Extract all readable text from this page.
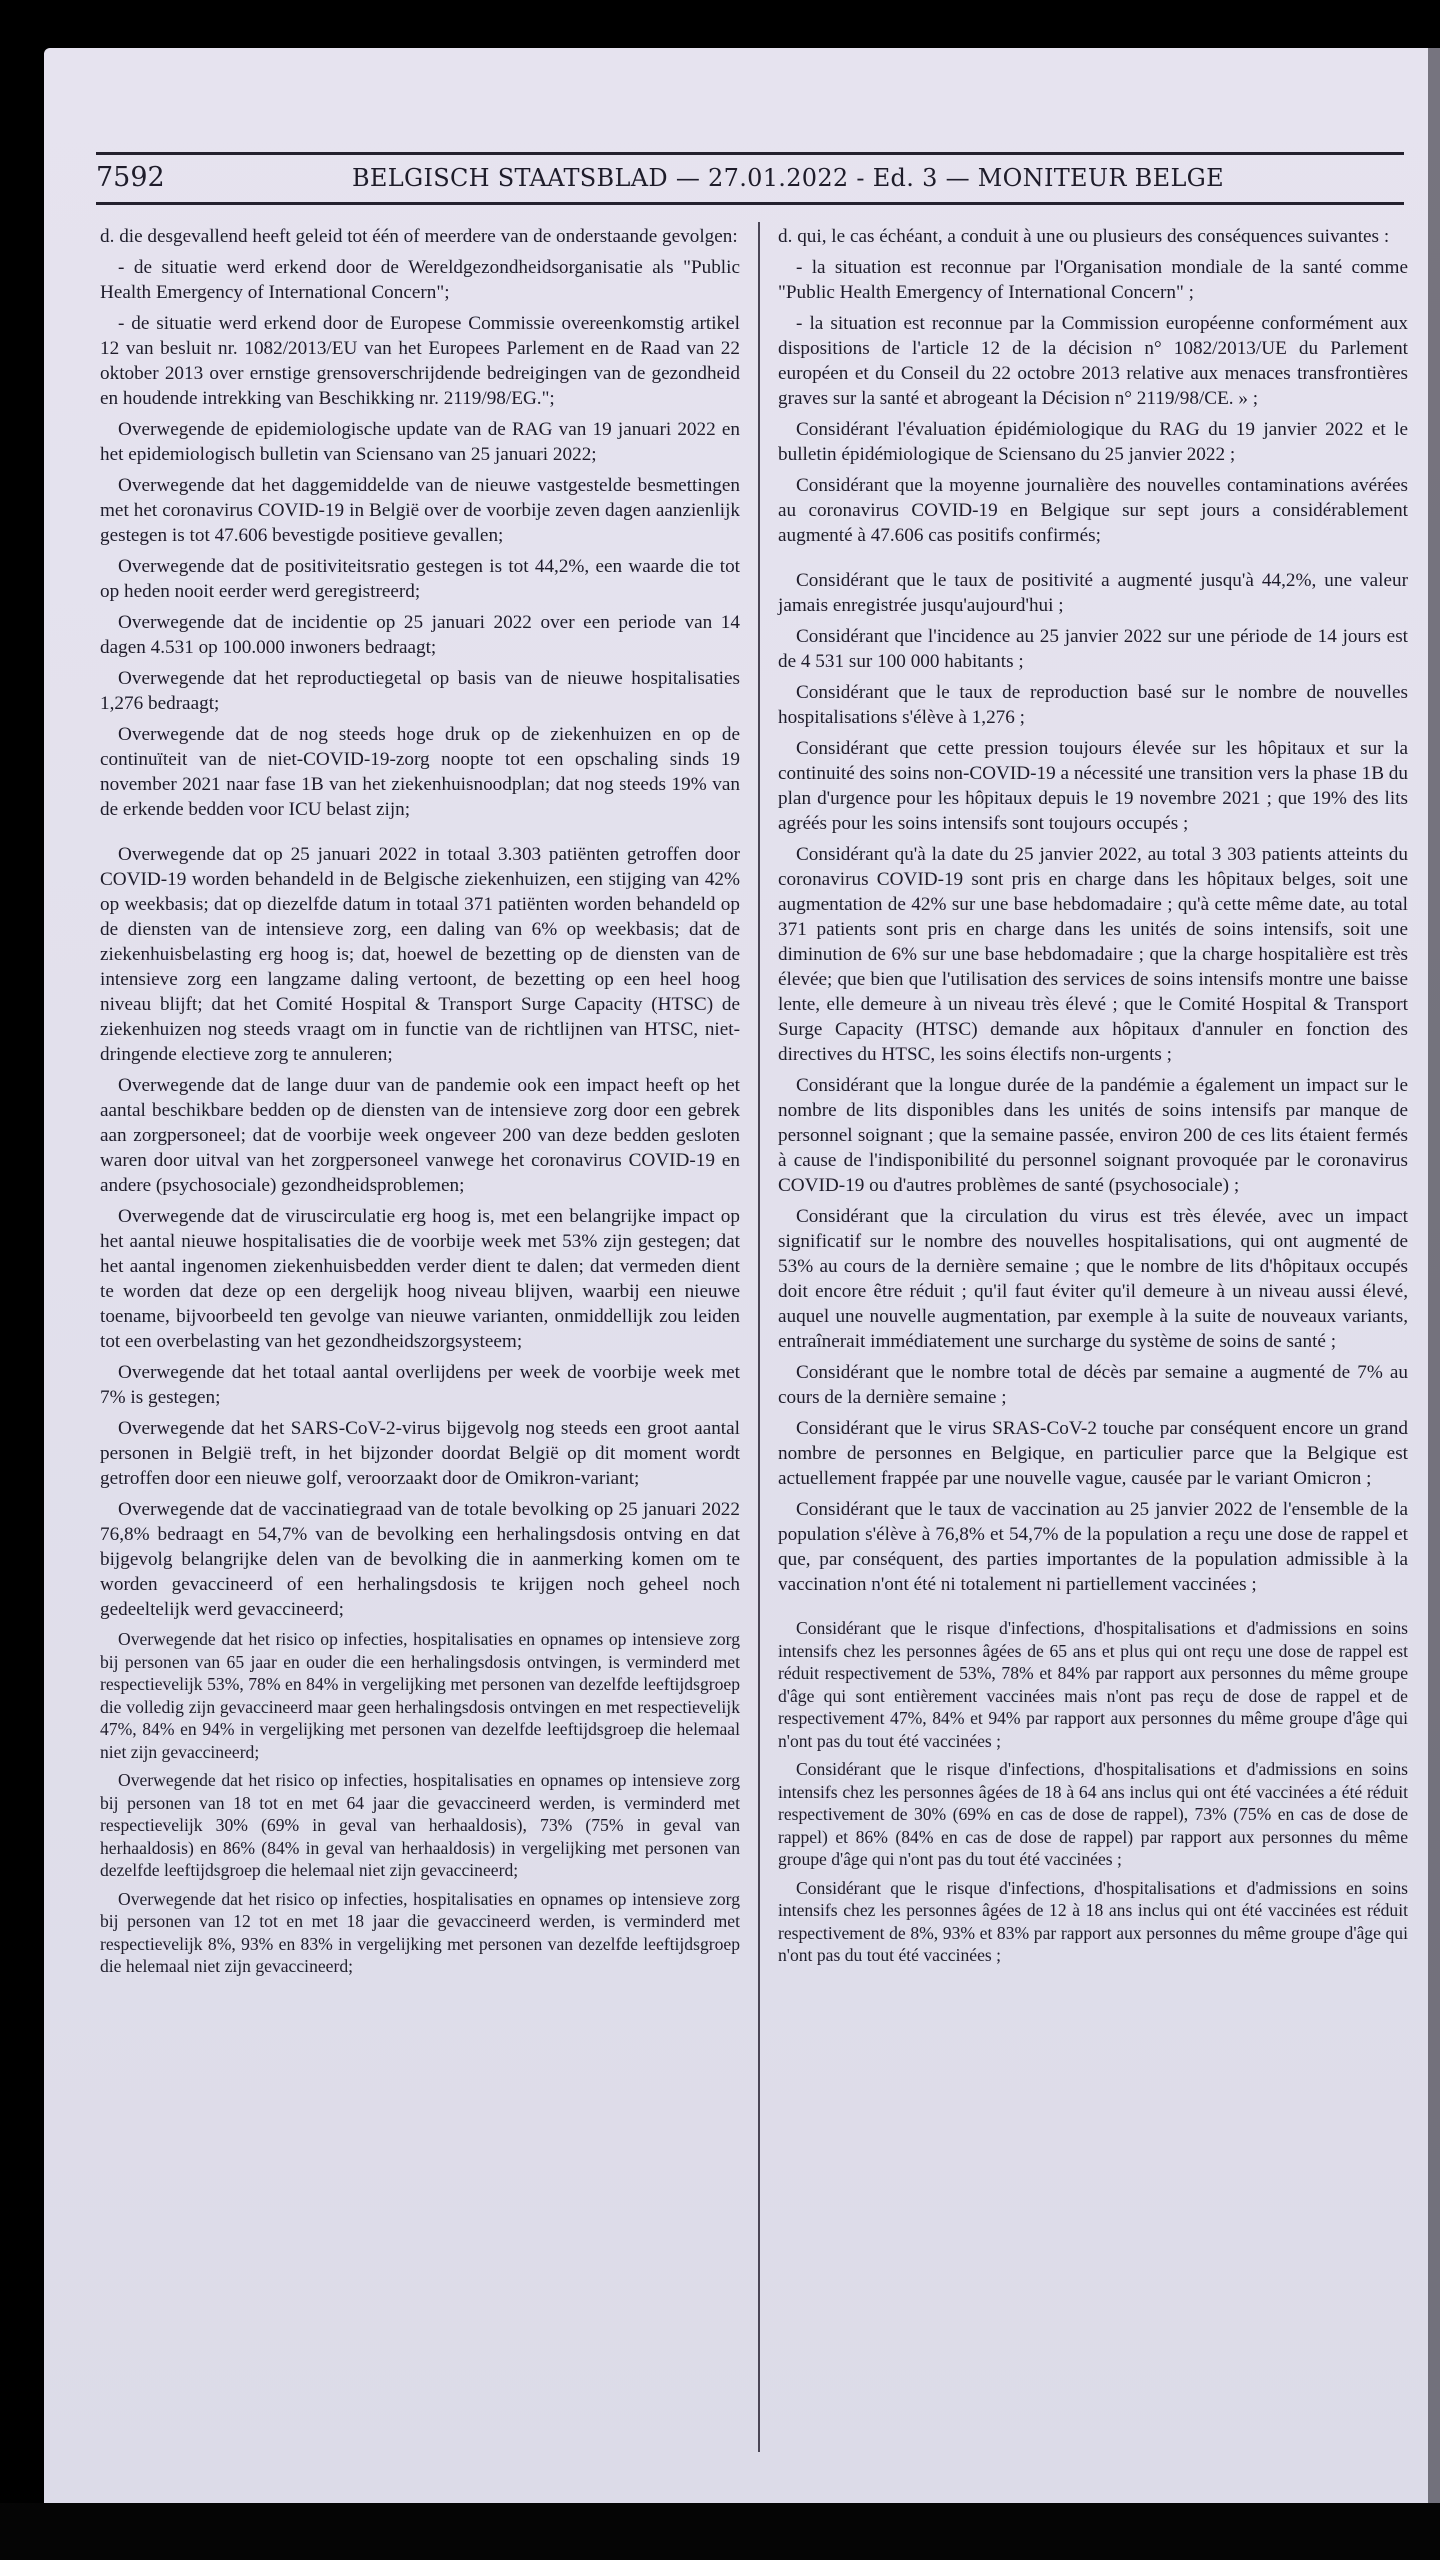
7592	BELGISCH STAATSBLAD — 27.01.2022 - Ed. 3 — MONITEUR BELGE

d. die desgevallend heeft geleid tot één of meerdere van de onderstaande gevolgen:

- de situatie werd erkend door de Wereldgezondheidsorganisatie als "Public Health Emergency of International Concern";

- de situatie werd erkend door de Europese Commissie overeenkomstig artikel 12 van besluit nr. 1082/2013/EU van het Europees Parlement en de Raad van 22 oktober 2013 over ernstige grensoverschrijdende bedreigingen van de gezondheid en houdende intrekking van Beschikking nr. 2119/98/EG.";

Overwegende de epidemiologische update van de RAG van 19 januari 2022 en het epidemiologisch bulletin van Sciensano van 25 januari 2022;

Overwegende dat het daggemiddelde van de nieuwe vastgestelde besmettingen met het coronavirus COVID-19 in België over de voorbije zeven dagen aanzienlijk gestegen is tot 47.606 bevestigde positieve gevallen;

Overwegende dat de positiviteitsratio gestegen is tot 44,2%, een waarde die tot op heden nooit eerder werd geregistreerd;

Overwegende dat de incidentie op 25 januari 2022 over een periode van 14 dagen 4.531 op 100.000 inwoners bedraagt;

Overwegende dat het reproductiegetal op basis van de nieuwe hospitalisaties 1,276 bedraagt;

Overwegende dat de nog steeds hoge druk op de ziekenhuizen en op de continuïteit van de niet-COVID-19-zorg noopte tot een opschaling sinds 19 november 2021 naar fase 1B van het ziekenhuisnoodplan; dat nog steeds 19% van de erkende bedden voor ICU belast zijn;

Overwegende dat op 25 januari 2022 in totaal 3.303 patiënten getroffen door COVID-19 worden behandeld in de Belgische ziekenhuizen, een stijging van 42% op weekbasis; dat op diezelfde datum in totaal 371 patiënten worden behandeld op de diensten van de intensieve zorg, een daling van 6% op weekbasis; dat de ziekenhuisbelasting erg hoog is; dat, hoewel de bezetting op de diensten van de intensieve zorg een langzame daling vertoont, de bezetting op een heel hoog niveau blijft; dat het Comité Hospital & Transport Surge Capacity (HTSC) de ziekenhuizen nog steeds vraagt om in functie van de richtlijnen van HTSC, niet-dringende electieve zorg te annuleren;

Overwegende dat de lange duur van de pandemie ook een impact heeft op het aantal beschikbare bedden op de diensten van de intensieve zorg door een gebrek aan zorgpersoneel; dat de voorbije week ongeveer 200 van deze bedden gesloten waren door uitval van het zorgpersoneel vanwege het coronavirus COVID-19 en andere (psychosociale) gezondheidsproblemen;

Overwegende dat de viruscirculatie erg hoog is, met een belangrijke impact op het aantal nieuwe hospitalisaties die de voorbije week met 53% zijn gestegen; dat het aantal ingenomen ziekenhuisbedden verder dient te dalen; dat vermeden dient te worden dat deze op een dergelijk hoog niveau blijven, waarbij een nieuwe toename, bijvoorbeeld ten gevolge van nieuwe varianten, onmiddellijk zou leiden tot een overbelasting van het gezondheidszorgsysteem;

Overwegende dat het totaal aantal overlijdens per week de voorbije week met 7% is gestegen;

Overwegende dat het SARS-CoV-2-virus bijgevolg nog steeds een groot aantal personen in België treft, in het bijzonder doordat België op dit moment wordt getroffen door een nieuwe golf, veroorzaakt door de Omikron-variant;

Overwegende dat de vaccinatiegraad van de totale bevolking op 25 januari 2022 76,8% bedraagt en 54,7% van de bevolking een herhalingsdosis ontving en dat bijgevolg belangrijke delen van de bevolking die in aanmerking komen om te worden gevaccineerd of een herhalingsdosis te krijgen noch geheel noch gedeeltelijk werd gevaccineerd;

Overwegende dat het risico op infecties, hospitalisaties en opnames op intensieve zorg bij personen van 65 jaar en ouder die een herhalingsdosis ontvingen, is verminderd met respectievelijk 53%, 78% en 84% in vergelijking met personen van dezelfde leeftijdsgroep die volledig zijn gevaccineerd maar geen herhalingsdosis ontvingen en met respectievelijk 47%, 84% en 94% in vergelijking met personen van dezelfde leeftijdsgroep die helemaal niet zijn gevaccineerd;

Overwegende dat het risico op infecties, hospitalisaties en opnames op intensieve zorg bij personen van 18 tot en met 64 jaar die gevaccineerd werden, is verminderd met respectievelijk 30% (69% in geval van herhaaldosis), 73% (75% in geval van herhaaldosis) en 86% (84% in geval van herhaaldosis) in vergelijking met personen van dezelfde leeftijdsgroep die helemaal niet zijn gevaccineerd;

Overwegende dat het risico op infecties, hospitalisaties en opnames op intensieve zorg bij personen van 12 tot en met 18 jaar die gevaccineerd werden, is verminderd met respectievelijk 8%, 93% en 83% in vergelijking met personen van dezelfde leeftijdsgroep die helemaal niet zijn gevaccineerd;

d. qui, le cas échéant, a conduit à une ou plusieurs des conséquences suivantes :

- la situation est reconnue par l'Organisation mondiale de la santé comme "Public Health Emergency of International Concern" ;

- la situation est reconnue par la Commission européenne conformément aux dispositions de l'article 12 de la décision n° 1082/2013/UE du Parlement européen et du Conseil du 22 octobre 2013 relative aux menaces transfrontières graves sur la santé et abrogeant la Décision n° 2119/98/CE. » ;

Considérant l'évaluation épidémiologique du RAG du 19 janvier 2022 et le bulletin épidémiologique de Sciensano du 25 janvier 2022 ;

Considérant que la moyenne journalière des nouvelles contaminations avérées au coronavirus COVID-19 en Belgique sur sept jours a considérablement augmenté à 47.606 cas positifs confirmés;

Considérant que le taux de positivité a augmenté jusqu'à 44,2%, une valeur jamais enregistrée jusqu'aujourd'hui ;

Considérant que l'incidence au 25 janvier 2022 sur une période de 14 jours est de 4 531 sur 100 000 habitants ;

Considérant que le taux de reproduction basé sur le nombre de nouvelles hospitalisations s'élève à 1,276 ;

Considérant que cette pression toujours élevée sur les hôpitaux et sur la continuité des soins non-COVID-19 a nécessité une transition vers la phase 1B du plan d'urgence pour les hôpitaux depuis le 19 novembre 2021 ; que 19% des lits agréés pour les soins intensifs sont toujours occupés ;

Considérant qu'à la date du 25 janvier 2022, au total 3 303 patients atteints du coronavirus COVID-19 sont pris en charge dans les hôpitaux belges, soit une augmentation de 42% sur une base hebdomadaire ; qu'à cette même date, au total 371 patients sont pris en charge dans les unités de soins intensifs, soit une diminution de 6% sur une base hebdomadaire ; que la charge hospitalière est très élevée; que bien que l'utilisation des services de soins intensifs montre une baisse lente, elle demeure à un niveau très élevé ; que le Comité Hospital & Transport Surge Capacity (HTSC) demande aux hôpitaux d'annuler en fonction des directives du HTSC, les soins électifs non-urgents ;

Considérant que la longue durée de la pandémie a également un impact sur le nombre de lits disponibles dans les unités de soins intensifs par manque de personnel soignant ; que la semaine passée, environ 200 de ces lits étaient fermés à cause de l'indisponibilité du personnel soignant provoquée par le coronavirus COVID-19 ou d'autres problèmes de santé (psychosociale) ;

Considérant que la circulation du virus est très élevée, avec un impact significatif sur le nombre des nouvelles hospitalisations, qui ont augmenté de 53% au cours de la dernière semaine ; que le nombre de lits d'hôpitaux occupés doit encore être réduit ; qu'il faut éviter qu'il demeure à un niveau aussi élevé, auquel une nouvelle augmentation, par exemple à la suite de nouveaux variants, entraînerait immédiatement une surcharge du système de soins de santé ;

Considérant que le nombre total de décès par semaine a augmenté de 7% au cours de la dernière semaine ;

Considérant que le virus SRAS-CoV-2 touche par conséquent encore un grand nombre de personnes en Belgique, en particulier parce que la Belgique est actuellement frappée par une nouvelle vague, causée par le variant Omicron ;

Considérant que le taux de vaccination au 25 janvier 2022 de l'ensemble de la population s'élève à 76,8% et 54,7% de la population a reçu une dose de rappel et que, par conséquent, des parties importantes de la population admissible à la vaccination n'ont été ni totalement ni partiellement vaccinées ;

Considérant que le risque d'infections, d'hospitalisations et d'admissions en soins intensifs chez les personnes âgées de 65 ans et plus qui ont reçu une dose de rappel est réduit respectivement de 53%, 78% et 84% par rapport aux personnes du même groupe d'âge qui sont entièrement vaccinées mais n'ont pas reçu de dose de rappel et de respectivement 47%, 84% et 94% par rapport aux personnes du même groupe d'âge qui n'ont pas du tout été vaccinées ;

Considérant que le risque d'infections, d'hospitalisations et d'admissions en soins intensifs chez les personnes âgées de 18 à 64 ans inclus qui ont été vaccinées a été réduit respectivement de 30% (69% en cas de dose de rappel), 73% (75% en cas de dose de rappel) et 86% (84% en cas de dose de rappel) par rapport aux personnes du même groupe d'âge qui n'ont pas du tout été vaccinées ;

Considérant que le risque d'infections, d'hospitalisations et d'admissions en soins intensifs chez les personnes âgées de 12 à 18 ans inclus qui ont été vaccinées est réduit respectivement de 8%, 93% et 83% par rapport aux personnes du même groupe d'âge qui n'ont pas du tout été vaccinées ;
